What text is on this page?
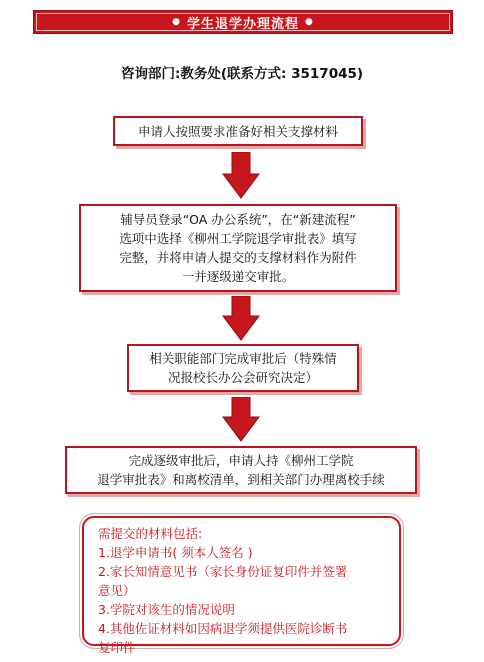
● 学生退学办理流程 ●
咨询部门:教务处(联系方式: 3517045)
申请人按照要求准备好相关支撑材料
辅导员登录“OA 办公系统”，在“新建流程”
选项中选择《柳州工学院退学审批表》填写
完整，并将申请人提交的支撑材料作为附件
一并逐级递交审批。
相关职能部门完成审批后（特殊情
况报校长办公会研究决定）
完成逐级审批后，申请人持《柳州工学院
退学审批表》和离校清单，到相关部门办理离校手续
需提交的材料包括:
1.退学申请书( 须本人签名 )
2.家长知情意见书（家长身份证复印件并签署
意见）
3.学院对该生的情况说明
4.其他佐证材料如因病退学须提供医院诊断书
复印件
